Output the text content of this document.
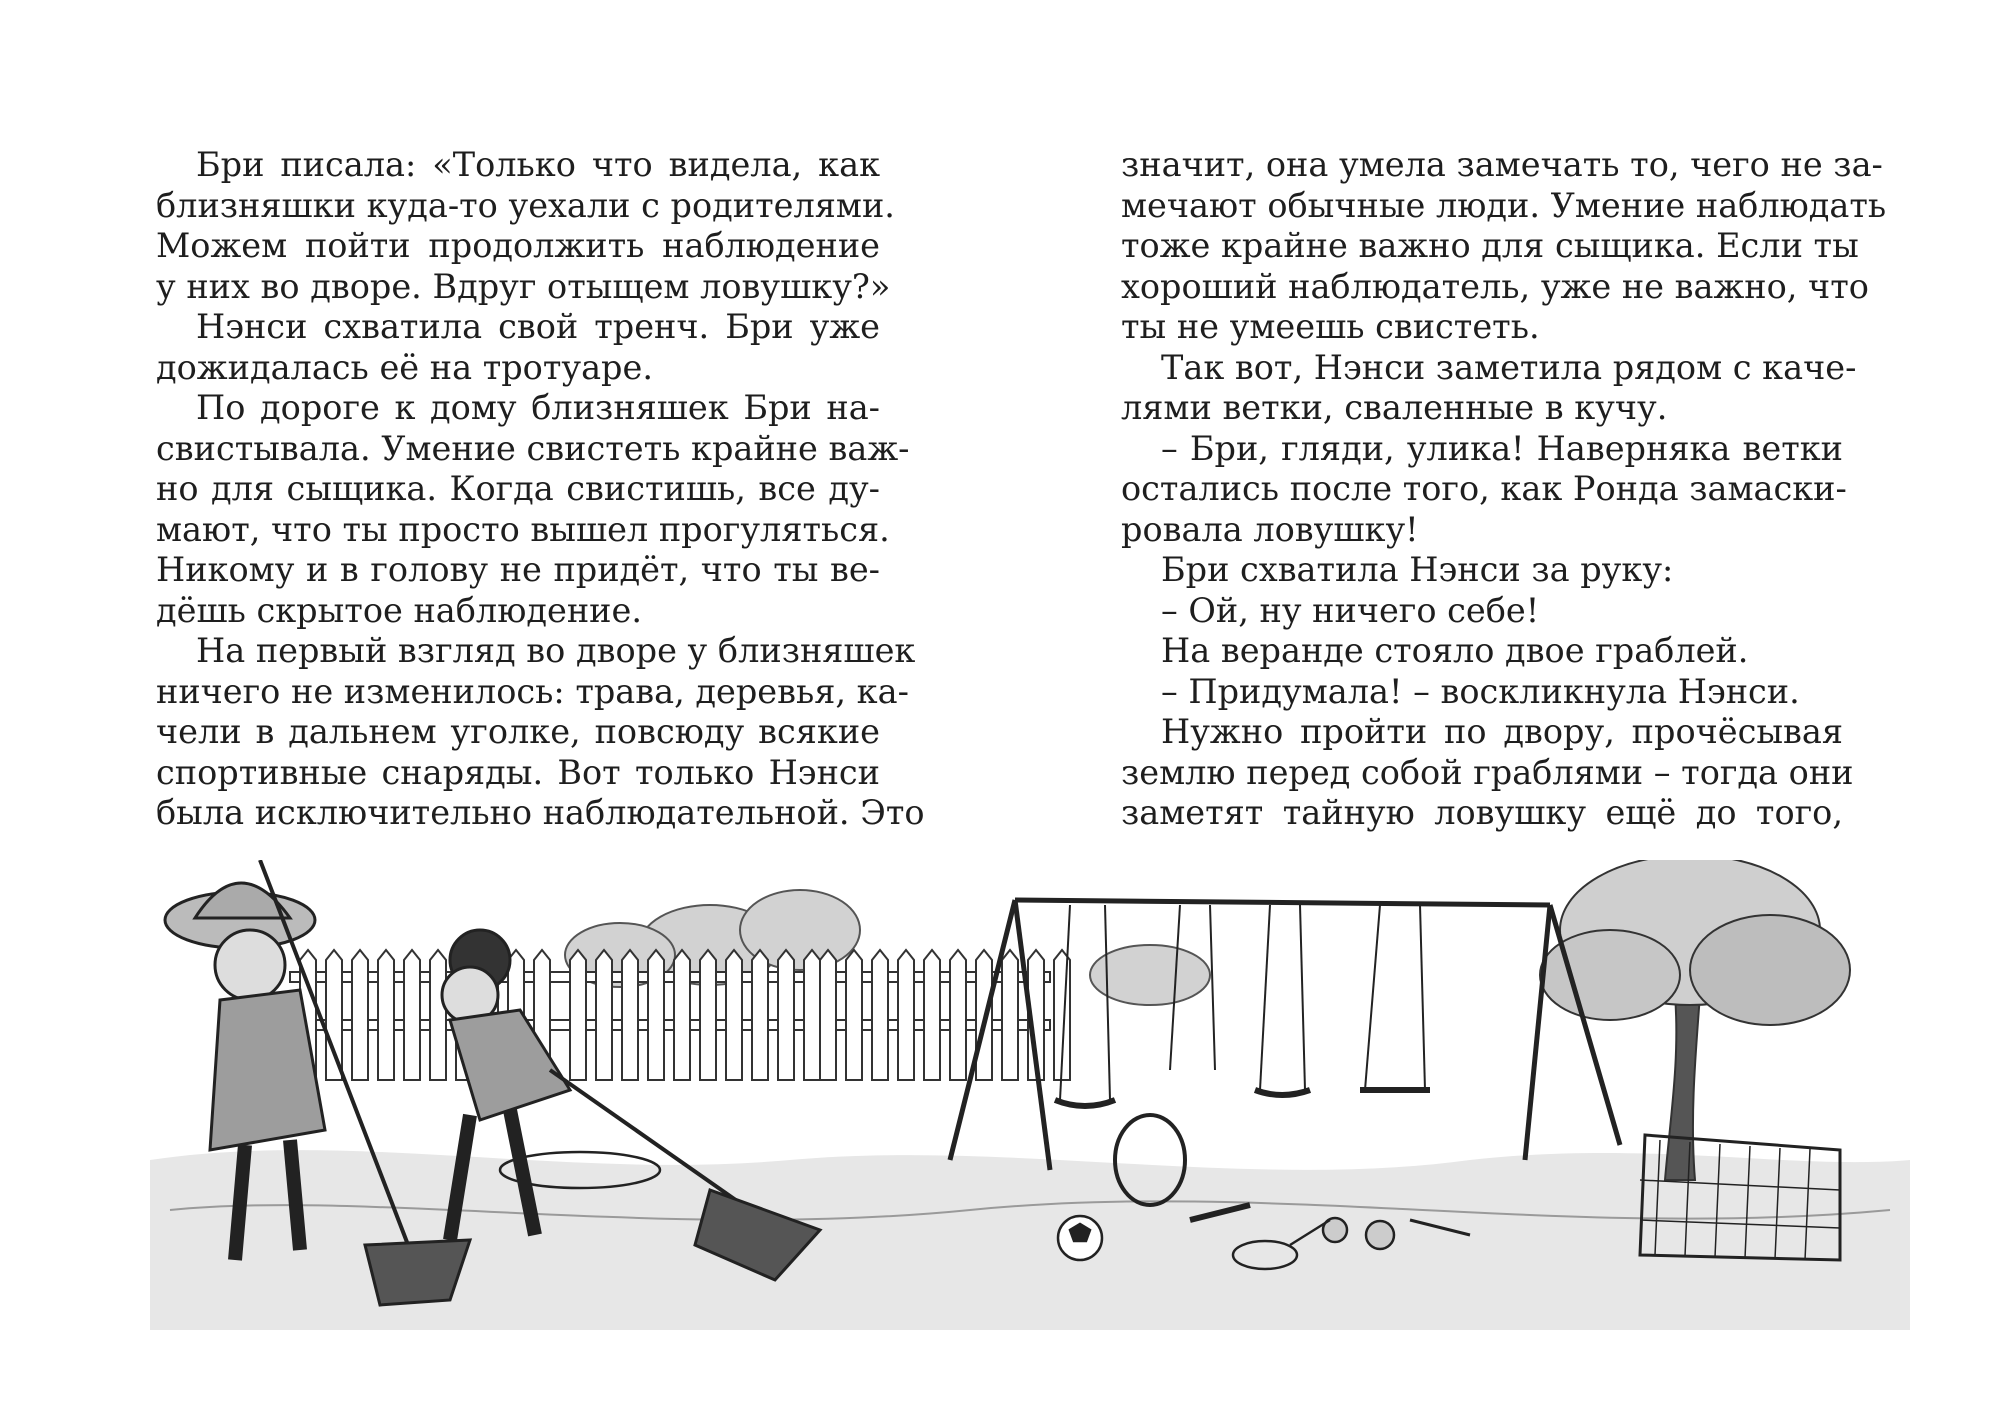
Бри писала: «Только что видела, как
близняшки куда-то уехали с родителями.
Можем пойти продолжить наблюдение
у них во дворе. Вдруг отыщем ловушку?»
Нэнси схватила свой тренч. Бри уже
дожидалась её на тротуаре.
По дороге к дому близняшек Бри на-
свистывала. Умение свистеть крайне важ-
но для сыщика. Когда свистишь, все ду-
мают, что ты просто вышел прогуляться.
Никому и в голову не придёт, что ты ве-
дёшь скрытое наблюдение.
На первый взгляд во дворе у близняшек
ничего не изменилось: трава, деревья, ка-
чели в дальнем уголке, повсюду всякие
спортивные снаряды. Вот только Нэнси
была исключительно наблюдательной. Это
значит, она умела замечать то, чего не за-
мечают обычные люди. Умение наблюдать
тоже крайне важно для сыщика. Если ты
хороший наблюдатель, уже не важно, что
ты не умеешь свистеть.
Так вот, Нэнси заметила рядом с каче-
лями ветки, сваленные в кучу.
– Бри, гляди, улика! Наверняка ветки
остались после того, как Ронда замаски-
ровала ловушку!
Бри схватила Нэнси за руку:
– Ой, ну ничего себе!
На веранде стояло двое граблей.
– Придумала! – воскликнула Нэнси.
Нужно пройти по двору, прочёсывая
землю перед собой граблями – тогда они
заметят тайную ловушку ещё до того,
